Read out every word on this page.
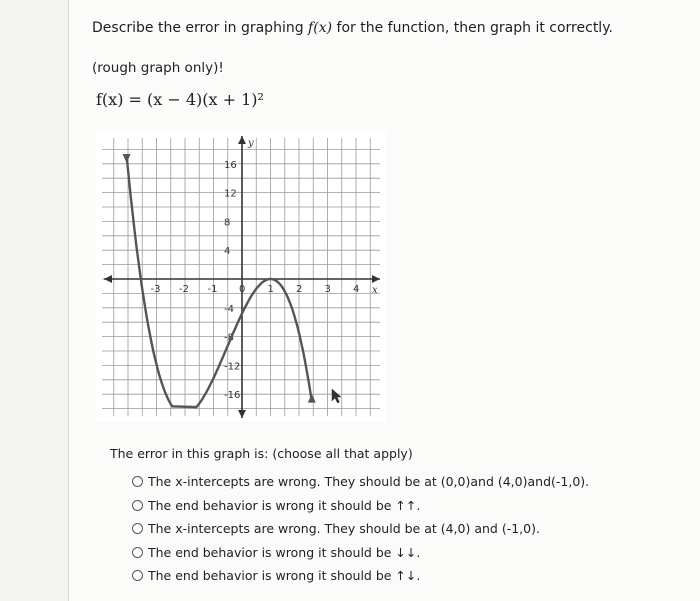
Describe the error in graphing f(x) for the function, then graph it correctly.
(rough graph only)!
f(x) = (x − 4)(x + 1)²
x
y
-3 -2 -1 0 1 2 3 4
16
12
8
4
-4
-8
-12
-16
The error in this graph is: (choose all that apply)
The x-intercepts are wrong. They should be at (0,0)and (4,0)and(-1,0).
The end behavior is wrong it should be ↑↑.
The x-intercepts are wrong. They should be at (4,0) and (-1,0).
The end behavior is wrong it should be ↓↓.
The end behavior is wrong it should be ↑↓.
